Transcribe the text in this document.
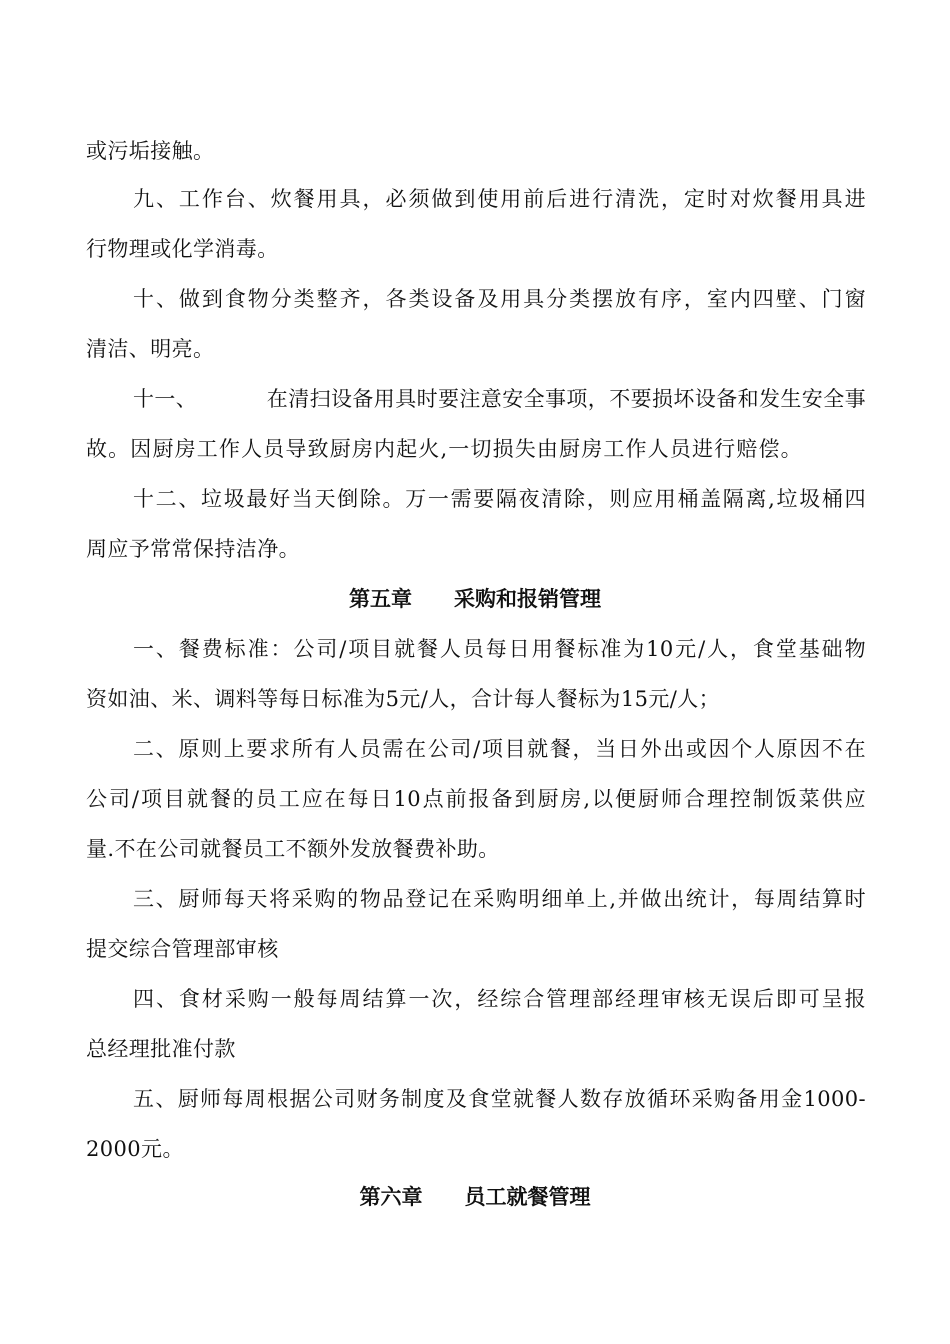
或污垢接触。
九、工作台、炊餐用具，必须做到使用前后进行清洗，定时对炊餐用具进
行物理或化学消毒。
十、做到食物分类整齐，各类设备及用具分类摆放有序，室内四壁、门窗
清洁、明亮。
十一、	在清扫设备用具时要注意安全事项，不要损坏设备和发生安全事
故。因厨房工作人员导致厨房内起火,一切损失由厨房工作人员进行赔偿。
十二、垃圾最好当天倒除。万一需要隔夜清除，则应用桶盖隔离,垃圾桶四
周应予常常保持洁净。
第五章　　采购和报销管理
一、餐费标准：公司/项目就餐人员每日用餐标准为10元/人，食堂基础物
资如油、米、调料等每日标准为5元/人，合计每人餐标为15元/人；
二、原则上要求所有人员需在公司/项目就餐，当日外出或因个人原因不在
公司/项目就餐的员工应在每日10点前报备到厨房,以便厨师合理控制饭菜供应
量.不在公司就餐员工不额外发放餐费补助。
三、厨师每天将采购的物品登记在采购明细单上,并做出统计，每周结算时
提交综合管理部审核
四、食材采购一般每周结算一次，经综合管理部经理审核无误后即可呈报
总经理批准付款
五、厨师每周根据公司财务制度及食堂就餐人数存放循环采购备用金1000-
2000元。
第六章　　员工就餐管理
